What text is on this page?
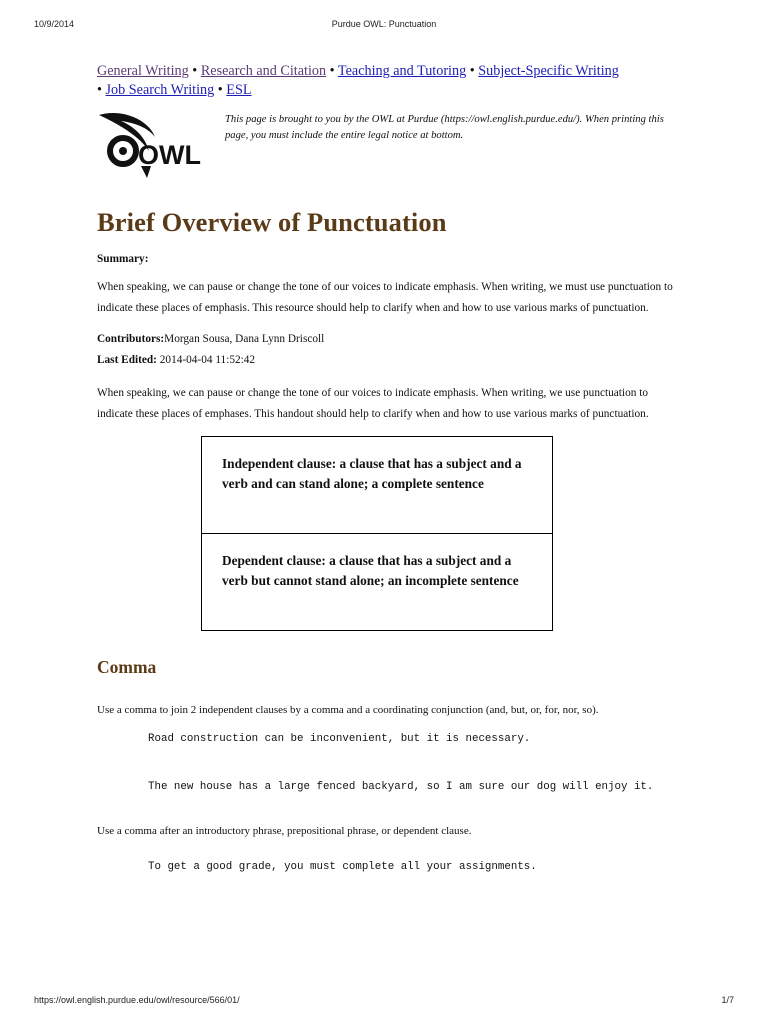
10/9/2014	Purdue OWL: Punctuation
General Writing • Research and Citation • Teaching and Tutoring • Subject-Specific Writing
• Job Search Writing • ESL
OWL
This page is brought to you by the OWL at Purdue (https://owl.english.purdue.edu/). When printing this page, you must include the entire legal notice at bottom.
Brief Overview of Punctuation
Summary:
When speaking, we can pause or change the tone of our voices to indicate emphasis. When writing, we must use punctuation to indicate these places of emphasis. This resource should help to clarify when and how to use various marks of punctuation.
Contributors:Morgan Sousa, Dana Lynn Driscoll
Last Edited: 2014-04-04 11:52:42
When speaking, we can pause or change the tone of our voices to indicate emphasis. When writing, we use punctuation to indicate these places of emphases. This handout should help to clarify when and how to use various marks of punctuation.
Independent clause: a clause that has a subject and a verb and can stand alone; a complete sentence
Dependent clause: a clause that has a subject and a verb but cannot stand alone; an incomplete sentence
Comma
Use a comma to join 2 independent clauses by a comma and a coordinating conjunction (and, but, or, for, nor, so).
Road construction can be inconvenient, but it is necessary.
The new house has a large fenced backyard, so I am sure our dog will enjoy it.
Use a comma after an introductory phrase, prepositional phrase, or dependent clause.
To get a good grade, you must complete all your assignments.
https://owl.english.purdue.edu/owl/resource/566/01/	1/7
